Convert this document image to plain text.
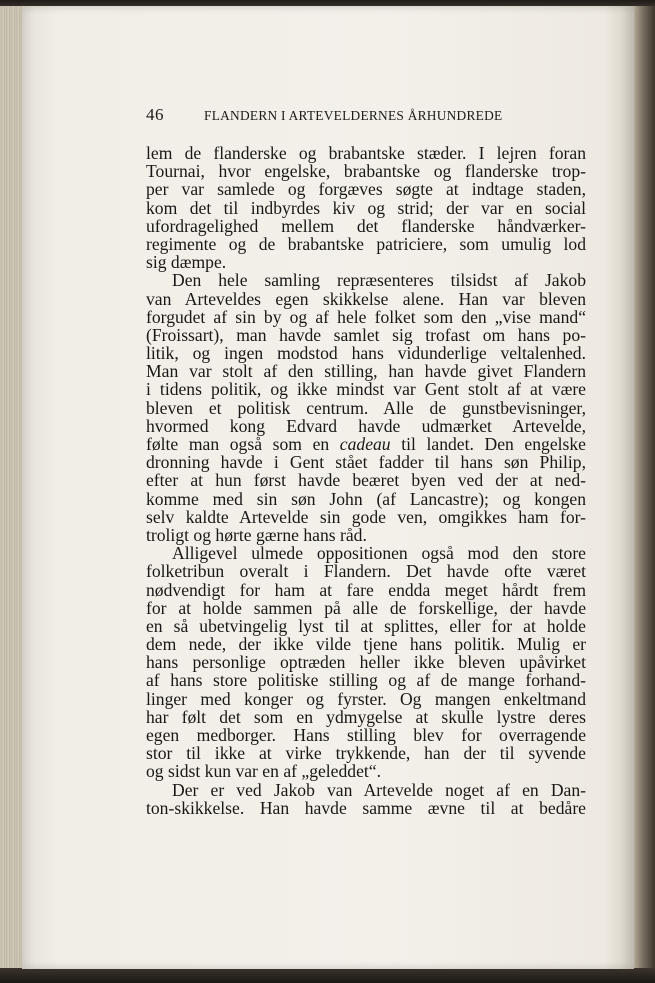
46	FLANDERN I ARTEVELDERNES ÅRHUNDREDE
lem de flanderske og brabantske stæder. I lejren foran
Tournai, hvor engelske, brabantske og flanderske trop-
per var samlede og forgæves søgte at indtage staden,
kom det til indbyrdes kiv og strid; der var en social
ufordragelighed mellem det flanderske håndværker-
regimente og de brabantske patriciere, som umulig lod
sig dæmpe.
Den hele samling repræsenteres tilsidst af Jakob
van Arteveldes egen skikkelse alene. Han var bleven
forgudet af sin by og af hele folket som den „vise mand“
(Froissart), man havde samlet sig trofast om hans po-
litik, og ingen modstod hans vidunderlige veltalenhed.
Man var stolt af den stilling, han havde givet Flandern
i tidens politik, og ikke mindst var Gent stolt af at være
bleven et politisk centrum. Alle de gunstbevisninger,
hvormed kong Edvard havde udmærket Artevelde,
følte man også som en cadeau til landet. Den engelske
dronning havde i Gent stået fadder til hans søn Philip,
efter at hun først havde beæret byen ved der at ned-
komme med sin søn John (af Lancastre); og kongen
selv kaldte Artevelde sin gode ven, omgikkes ham for-
troligt og hørte gærne hans råd.
Alligevel ulmede oppositionen også mod den store
folketribun overalt i Flandern. Det havde ofte været
nødvendigt for ham at fare endda meget hårdt frem
for at holde sammen på alle de forskellige, der havde
en så ubetvingelig lyst til at splittes, eller for at holde
dem nede, der ikke vilde tjene hans politik. Mulig er
hans personlige optræden heller ikke bleven upåvirket
af hans store politiske stilling og af de mange forhand-
linger med konger og fyrster. Og mangen enkeltmand
har følt det som en ydmygelse at skulle lystre deres
egen medborger. Hans stilling blev for overragende
stor til ikke at virke trykkende, han der til syvende
og sidst kun var en af „geleddet“.
Der er ved Jakob van Artevelde noget af en Dan-
ton-skikkelse. Han havde samme ævne til at bedåre
